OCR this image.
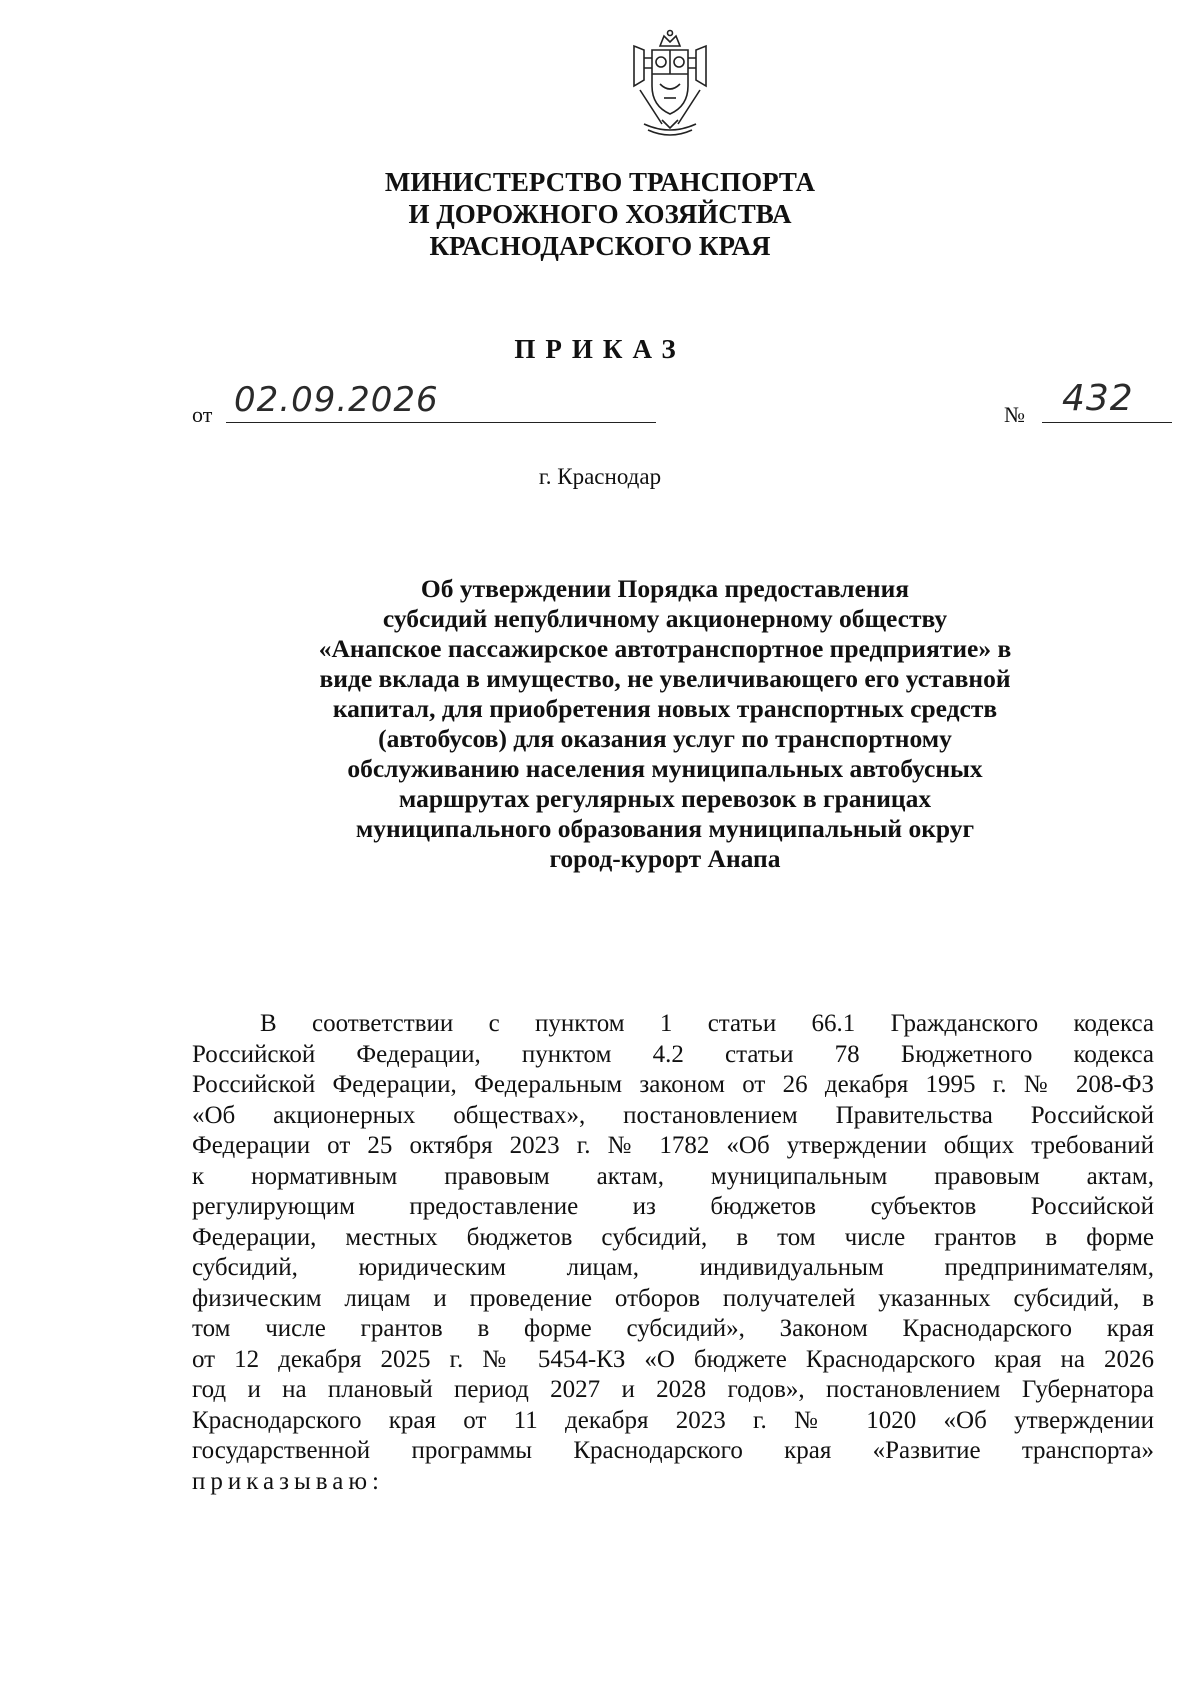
МИНИСТЕРСТВО ТРАНСПОРТА
И ДОРОЖНОГО ХОЗЯЙСТВА
КРАСНОДАРСКОГО КРАЯ
ПРИКАЗ
от 02.09.2026	№ 432
г. Краснодар
Об утверждении Порядка предоставления
субсидий непубличному акционерному обществу
«Анапское пассажирское автотранспортное предприятие» в
виде вклада в имущество, не увеличивающего его уставной
капитал, для приобретения новых транспортных средств
(автобусов) для оказания услуг по транспортному
обслуживанию населения муниципальных автобусных
маршрутах регулярных перевозок в границах
муниципального образования муниципальный округ
город-курорт Анапа
В соответствии с пунктом 1 статьи 66.1 Гражданского кодекса
Российской Федерации, пунктом 4.2 статьи 78 Бюджетного кодекса
Российской Федерации, Федеральным законом от 26 декабря 1995 г. № 208-ФЗ
«Об акционерных обществах», постановлением Правительства Российской
Федерации от 25 октября 2023 г. № 1782 «Об утверждении общих требований
к нормативным правовым актам, муниципальным правовым актам,
регулирующим предоставление из бюджетов субъектов Российской
Федерации, местных бюджетов субсидий, в том числе грантов в форме
субсидий, юридическим лицам, индивидуальным предпринимателям,
физическим лицам и проведение отборов получателей указанных субсидий, в
том числе грантов в форме субсидий», Законом Краснодарского края
от 12 декабря 2025 г. № 5454-КЗ «О бюджете Краснодарского края на 2026
год и на плановый период 2027 и 2028 годов», постановлением Губернатора
Краснодарского края от 11 декабря 2023 г. № 1020 «Об утверждении
государственной программы Краснодарского края «Развитие транспорта»
приказываю:
